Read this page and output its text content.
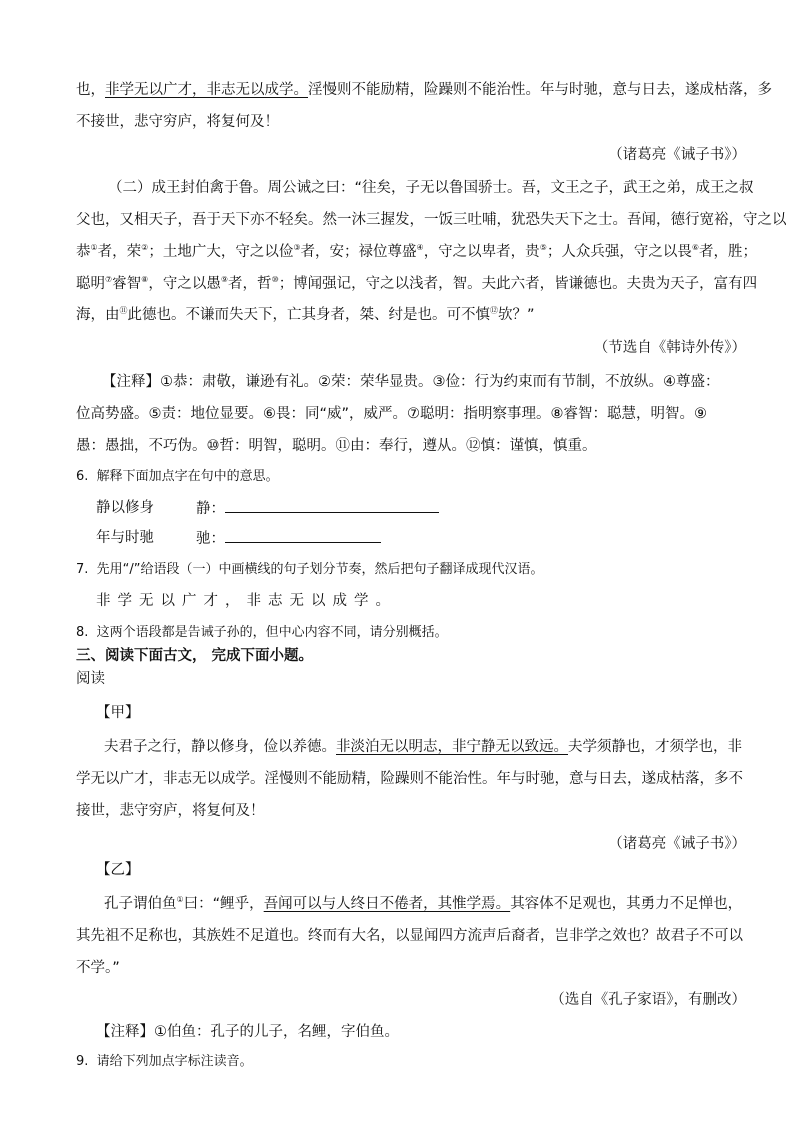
也，非学无以广才，非志无以成学。淫慢则不能励精，险躁则不能治性。年与时驰，意与日去，遂成枯落，多
不接世，悲守穷庐，将复何及！
（诸葛亮《诫子书》）
（二）成王封伯禽于鲁。周公诫之曰：“往矣，子无以鲁国骄士。吾，文王之子，武王之弟，成王之叔
父也，又相天子，吾于天下亦不轻矣。然一沐三握发，一饭三吐哺，犹恐失天下之士。吾闻，德行宽裕，守之以
恭①者，荣②；土地广大，守之以俭③者，安；禄位尊盛④，守之以卑者，贵⑤；人众兵强，守之以畏⑥者，胜；
聪明⑦睿智⑧，守之以愚⑨者，哲⑩；博闻强记，守之以浅者，智。夫此六者，皆谦德也。夫贵为天子，富有四
海，由⑪此德也。不谦而失天下，亡其身者，桀、纣是也。可不慎⑫欤？”
（节选自《韩诗外传》）
【注释】①恭：肃敬，谦逊有礼。②荣：荣华显贵。③俭：行为约束而有节制，不放纵。④尊盛：
位高势盛。⑤责：地位显要。⑥畏：同“威”，威严。⑦聪明：指明察事理。⑧睿智：聪慧，明智。⑨
愚：愚拙，不巧伪。⑩哲：明智，聪明。⑪由：奉行，遵从。⑫慎：谨慎，慎重。
6. 解释下面加点字在句中的意思。
静以修身	静：
年与时驰	驰：
7. 先用“/”给语段（一）中画横线的句子划分节奏，然后把句子翻译成现代汉语。
非学无以广才，非志无以成学。
8. 这两个语段都是告诫子孙的，但中心内容不同，请分别概括。
三、阅读下面古文， 完成下面小题。
阅读
【甲】
夫君子之行，静以修身，俭以养德。非淡泊无以明志，非宁静无以致远。夫学须静也，才须学也，非
学无以广才，非志无以成学。淫慢则不能励精，险躁则不能治性。年与时驰，意与日去，遂成枯落，多不
接世，悲守穷庐，将复何及！
（诸葛亮《诫子书》）
【乙】
孔子谓伯鱼①曰：“鲤乎，吾闻可以与人终日不倦者，其惟学焉。其容体不足观也，其勇力不足惮也，
其先祖不足称也，其族姓不足道也。终而有大名，以显闻四方流声后裔者，岂非学之效也？故君子不可以
不学。”
（选自《孔子家语》，有删改）
【注释】①伯鱼：孔子的儿子，名鲤，字伯鱼。
9. 请给下列加点字标注读音。
